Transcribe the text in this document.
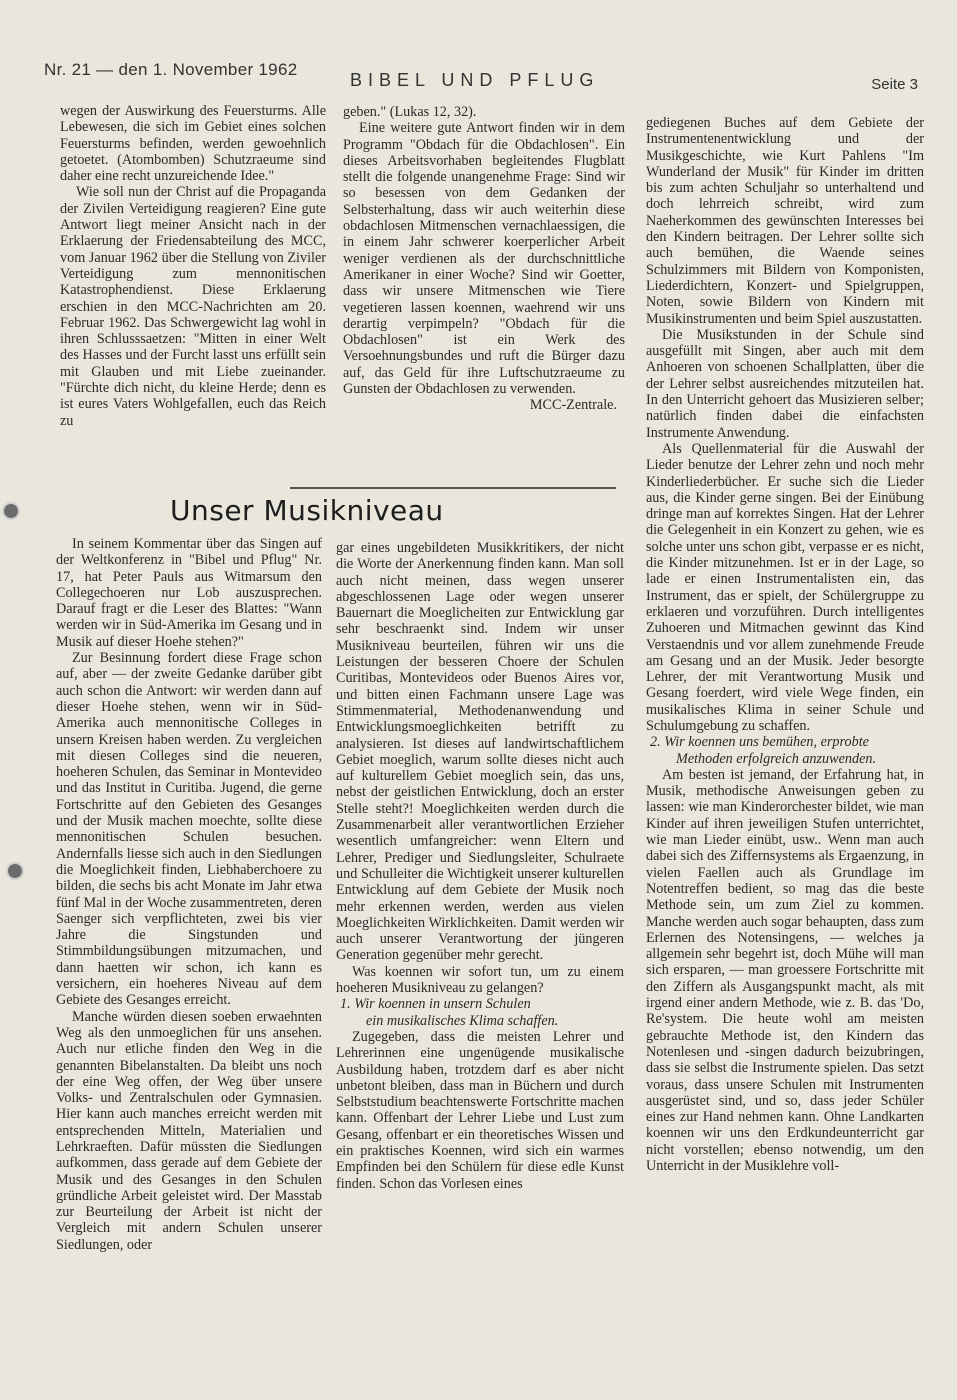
Nr. 21 — den 1. November 1962
BIBEL UND PFLUG	Seite 3

wegen der Auswirkung des Feuersturms. Alle Lebewesen, die sich im Gebiet eines solchen Feuersturms befinden, werden gewoehnlich getoetet. (Atombomben) Schutzraeume sind daher eine recht unzureichende Idee."

Wie soll nun der Christ auf die Propaganda der Zivilen Verteidigung reagieren? Eine gute Antwort liegt meiner Ansicht nach in der Erklaerung der Friedensabteilung des MCC, vom Januar 1962 über die Stellung von Ziviler Verteidigung zum mennonitischen Katastrophendienst. Diese Erklaerung erschien in den MCC-Nachrichten am 20. Februar 1962. Das Schwergewicht lag wohl in ihren Schlusssaetzen: "Mitten in einer Welt des Hasses und der Furcht lasst uns erfüllt sein mit Glauben und mit Liebe zueinander. "Fürchte dich nicht, du kleine Herde; denn es ist eures Vaters Wohlgefallen, euch das Reich zu

geben." (Lukas 12, 32).

Eine weitere gute Antwort finden wir in dem Programm "Obdach für die Obdachlosen". Ein dieses Arbeitsvorhaben begleitendes Flugblatt stellt die folgende unangenehme Frage: Sind wir so besessen von dem Gedanken der Selbsterhaltung, dass wir auch weiterhin diese obdachlosen Mitmenschen vernachlaessigen, die in einem Jahr schwerer koerperlicher Arbeit weniger verdienen als der durchschnittliche Amerikaner in einer Woche? Sind wir Goetter, dass wir unsere Mitmenschen wie Tiere vegetieren lassen koennen, waehrend wir uns derartig verpimpeln? "Obdach für die Obdachlosen" ist ein Werk des Versoehnungsbundes und ruft die Bürger dazu auf, das Geld für ihre Luftschutzraeume zu Gunsten der Obdachlosen zu verwenden.

MCC-Zentrale.

Unser Musikniveau

gediegenen Buches auf dem Gebiete der Instrumentenentwicklung und der Musikgeschichte, wie Kurt Pahlens "Im Wunderland der Musik" für Kinder im dritten bis zum achten Schuljahr so unterhaltend und doch lehrreich schreibt, wird zum Naeherkommen des gewünschten Interesses bei den Kindern beitragen. Der Lehrer sollte sich auch bemühen, die Waende seines Schulzimmers mit Bildern von Komponisten, Liederdichtern, Konzert- und Spielgruppen, Noten, sowie Bildern von Kindern mit Musikinstrumenten und beim Spiel auszustatten.

Die Musikstunden in der Schule sind ausgefüllt mit Singen, aber auch mit dem Anhoeren von schoenen Schallplatten, über die der Lehrer selbst ausreichendes mitzuteilen hat. In den Unterricht gehoert das Musizieren selber; natürlich finden dabei die einfachsten Instrumente Anwendung.

Als Quellenmaterial für die Auswahl der Lieder benutze der Lehrer zehn und noch mehr Kinderliederbücher. Er suche sich die Lieder aus, die Kinder gerne singen. Bei der Einübung dringe man auf korrektes Singen. Hat der Lehrer die Gelegenheit in ein Konzert zu gehen, wie es solche unter uns schon gibt, verpasse er es nicht, die Kinder mitzunehmen. Ist er in der Lage, so lade er einen Instrumentalisten ein, das Instrument, das er spielt, der Schülergruppe zu erklaeren und vorzuführen. Durch intelligentes Zuhoeren und Mitmachen gewinnt das Kind Verstaendnis und vor allem zunehmende Freude am Gesang und an der Musik. Jeder besorgte Lehrer, der mit Verantwortung Musik und Gesang foerdert, wird viele Wege finden, ein musikalisches Klima in seiner Schule und Schulumgebung zu schaffen.

2. Wir koennen uns bemühen, erprobte
Methoden erfolgreich anzuwenden.

Am besten ist jemand, der Erfahrung hat, in Musik, methodische Anweisungen geben zu lassen: wie man Kinderorchester bildet, wie man Kinder auf ihren jeweiligen Stufen unterrichtet, wie man Lieder einübt, usw.. Wenn man auch dabei sich des Ziffernsystems als Ergaenzung, in vielen Faellen auch als Grundlage im Notentreffen bedient, so mag das die beste Methode sein, um zum Ziel zu kommen. Manche werden auch sogar behaupten, dass zum Erlernen des Notensingens, — welches ja allgemein sehr begehrt ist, doch Mühe will man sich ersparen, — man groessere Fortschritte mit den Ziffern als Ausgangspunkt macht, als mit irgend einer andern Methode, wie z. B. das 'Do, Re'system. Die heute wohl am meisten gebrauchte Methode ist, den Kindern das Notenlesen und -singen dadurch beizubringen, dass sie selbst die Instrumente spielen. Das setzt voraus, dass unsere Schulen mit Instrumenten ausgerüstet sind, und so, dass jeder Schüler eines zur Hand nehmen kann. Ohne Landkarten koennen wir uns den Erdkundeunterricht gar nicht vorstellen; ebenso notwendig, um den Unterricht in der Musiklehre voll-

In seinem Kommentar über das Singen auf der Weltkonferenz in "Bibel und Pflug" Nr. 17, hat Peter Pauls aus Witmarsum den Collegechoeren nur Lob auszusprechen. Darauf fragt er die Leser des Blattes: "Wann werden wir in Süd-Amerika im Gesang und in Musik auf dieser Hoehe stehen?"

Zur Besinnung fordert diese Frage schon auf, aber — der zweite Gedanke darüber gibt auch schon die Antwort: wir werden dann auf dieser Hoehe stehen, wenn wir in Süd-Amerika auch mennonitische Colleges in unsern Kreisen haben werden. Zu vergleichen mit diesen Colleges sind die neueren, hoeheren Schulen, das Seminar in Montevideo und das Institut in Curitiba. Jugend, die gerne Fortschritte auf den Gebieten des Gesanges und der Musik machen moechte, sollte diese mennonitischen Schulen besuchen. Andernfalls liesse sich auch in den Siedlungen die Moeglichkeit finden, Liebhaberchoere zu bilden, die sechs bis acht Monate im Jahr etwa fünf Mal in der Woche zusammentreten, deren Saenger sich verpflichteten, zwei bis vier Jahre die Singstunden und Stimmbildungsübungen mitzumachen, und dann haetten wir schon, ich kann es versichern, ein hoeheres Niveau auf dem Gebiete des Gesanges erreicht.

Manche würden diesen soeben erwaehnten Weg als den unmoeglichen für uns ansehen. Auch nur etliche finden den Weg in die genannten Bibelanstalten. Da bleibt uns noch der eine Weg offen, der Weg über unsere Volks- und Zentralschulen oder Gymnasien. Hier kann auch manches erreicht werden mit entsprechenden Mitteln, Materialien und Lehrkraeften. Dafür müssten die Siedlungen aufkommen, dass gerade auf dem Gebiete der Musik und des Gesanges in den Schulen gründliche Arbeit geleistet wird. Der Masstab zur Beurteilung der Arbeit ist nicht der Vergleich mit andern Schulen unserer Siedlungen, oder

gar eines ungebildeten Musikkritikers, der nicht die Worte der Anerkennung finden kann. Man soll auch nicht meinen, dass wegen unserer abgeschlossenen Lage oder wegen unserer Bauernart die Moeglicheiten zur Entwicklung gar sehr beschraenkt sind. Indem wir unser Musikniveau beurteilen, führen wir uns die Leistungen der besseren Choere der Schulen Curitibas, Montevideos oder Buenos Aires vor, und bitten einen Fachmann unsere Lage was Stimmenmaterial, Methodenanwendung und Entwicklungsmoeglichkeiten betrifft zu analysieren. Ist dieses auf landwirtschaftlichem Gebiet moeglich, warum sollte dieses nicht auch auf kulturellem Gebiet moeglich sein, das uns, nebst der geistlichen Entwicklung, doch an erster Stelle steht?! Moeglichkeiten werden durch die Zusammenarbeit aller verantwortlichen Erzieher wesentlich umfangreicher: wenn Eltern und Lehrer, Prediger und Siedlungsleiter, Schulraete und Schulleiter die Wichtigkeit unserer kulturellen Entwicklung auf dem Gebiete der Musik noch mehr erkennen werden, werden aus vielen Moeglichkeiten Wirklichkeiten. Damit werden wir auch unserer Verantwortung der jüngeren Generation gegenüber mehr gerecht.

Was koennen wir sofort tun, um zu einem hoeheren Musikniveau zu gelangen?

1. Wir koennen in unsern Schulen
ein musikalisches Klima schaffen.

Zugegeben, dass die meisten Lehrer und Lehrerinnen eine ungenügende musikalische Ausbildung haben, trotzdem darf es aber nicht unbetont bleiben, dass man in Büchern und durch Selbststudium beachtenswerte Fortschritte machen kann. Offenbart der Lehrer Liebe und Lust zum Gesang, offenbart er ein theoretisches Wissen und ein praktisches Koennen, wird sich ein warmes Empfinden bei den Schülern für diese edle Kunst finden. Schon das Vorlesen eines
